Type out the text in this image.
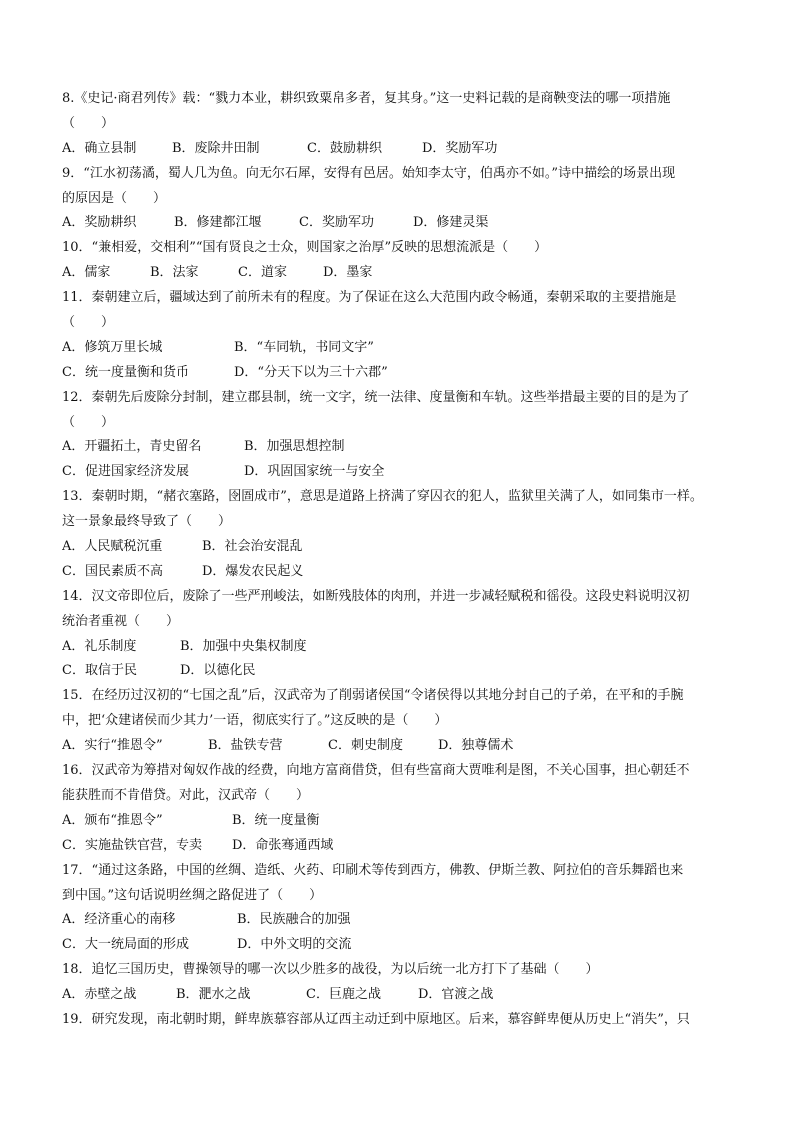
8.《史记·商君列传》载：“戮力本业，耕织致粟帛多者，复其身。”这一史料记载的是商鞅变法的哪一项措施
（　　）
A．确立县制	B．废除井田制	C．鼓励耕织	D．奖励军功
9．“江水初荡潏，蜀人几为鱼。向无尔石犀，安得有邑居。始知李太守，伯禹亦不如。”诗中描绘的场景出现
的原因是（　　）
A．奖励耕织	B．修建都江堰	C．奖励军功	D．修建灵渠
10．“兼相爱，交相利”“国有贤良之士众，则国家之治厚”反映的思想流派是（　　）
A．儒家	B．法家	C．道家	D．墨家
11．秦朝建立后，疆域达到了前所未有的程度。为了保证在这么大范围内政令畅通，秦朝采取的主要措施是
（　　）
A．修筑万里长城	B．“车同轨，书同文字”
C．统一度量衡和货币	D．“分天下以为三十六郡”
12．秦朝先后废除分封制，建立郡县制，统一文字，统一法律、度量衡和车轨。这些举措最主要的目的是为了
（　　）
A．开疆拓土，青史留名	B．加强思想控制
C．促进国家经济发展	D．巩固国家统一与安全
13．秦朝时期，“赭衣塞路，囹圄成市”，意思是道路上挤满了穿囚衣的犯人，监狱里关满了人，如同集市一样。
这一景象最终导致了（　　）
A．人民赋税沉重	B．社会治安混乱
C．国民素质不高	D．爆发农民起义
14．汉文帝即位后，废除了一些严刑峻法，如断残肢体的肉刑，并进一步减轻赋税和徭役。这段史料说明汉初
统治者重视（　　）
A．礼乐制度	B．加强中央集权制度
C．取信于民	D．以德化民
15．在经历过汉初的“七国之乱”后，汉武帝为了削弱诸侯国“令诸侯得以其地分封自己的子弟，在平和的手腕
中，把‘众建诸侯而少其力’一语，彻底实行了。”这反映的是（　　）
A．实行“推恩令”	B．盐铁专营	C．刺史制度	D．独尊儒术
16．汉武帝为筹措对匈奴作战的经费，向地方富商借贷，但有些富商大贾唯利是图，不关心国事，担心朝廷不
能获胜而不肯借贷。对此，汉武帝（　　）
A．颁布“推恩令”	B．统一度量衡
C．实施盐铁官营，专卖	D．命张骞通西域
17．“通过这条路，中国的丝绸、造纸、火药、印刷术等传到西方，佛教、伊斯兰教、阿拉伯的音乐舞蹈也来
到中国。”这句话说明丝绸之路促进了（　　）
A．经济重心的南移	B．民族融合的加强
C．大一统局面的形成	D．中外文明的交流
18．追忆三国历史，曹操领导的哪一次以少胜多的战役，为以后统一北方打下了基础（　　）
A．赤壁之战	B．淝水之战	C．巨鹿之战	D．官渡之战
19．研究发现，南北朝时期，鲜卑族慕容部从辽西主动迁到中原地区。后来，慕容鲜卑便从历史上“消失”，只
